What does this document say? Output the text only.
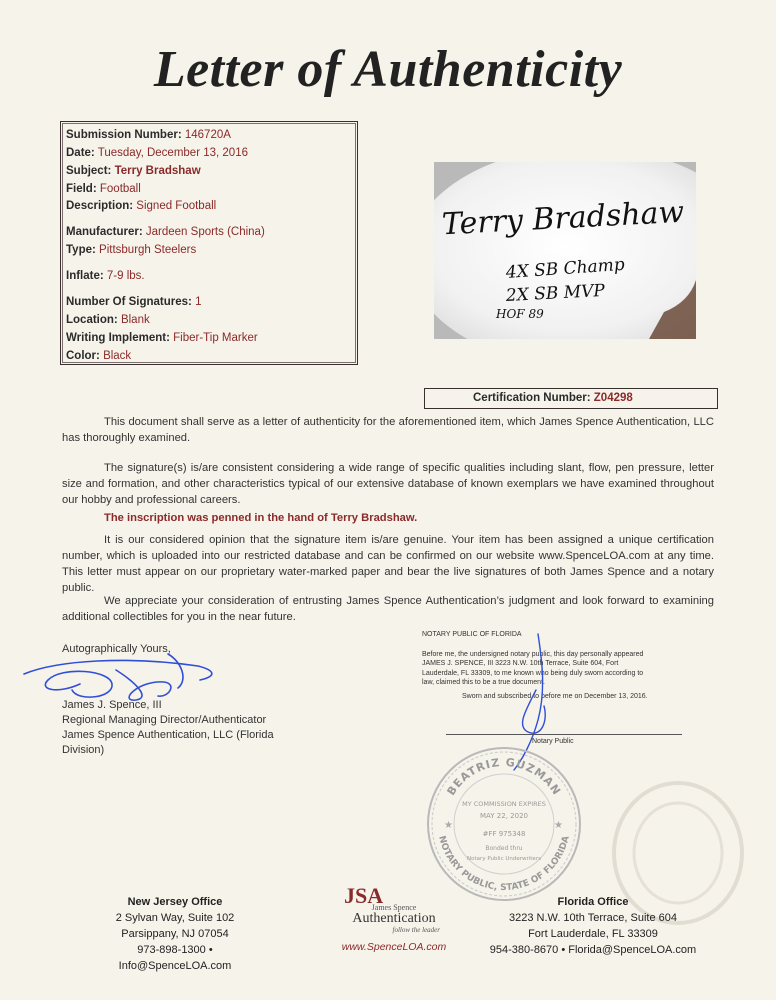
Letter of Authenticity
Submission Number: 146720A
Date: Tuesday, December 13, 2016
Subject: Terry Bradshaw
Field: Football
Description: Signed Football
Manufacturer: Jardeen Sports (China)
Type: Pittsburgh Steelers
Inflate: 7-9 lbs.
Number Of Signatures: 1
Location: Blank
Writing Implement: Fiber-Tip Marker
Color: Black
Terry Bradshaw
4X SB Champ
2X SB MVP
HOF 89
Certification Number: Z04298
This document shall serve as a letter of authenticity for the aforementioned item, which James Spence Authentication, LLC has thoroughly examined.
The signature(s) is/are consistent considering a wide range of specific qualities including slant, flow, pen pressure, letter size and formation, and other characteristics typical of our extensive database of known exemplars we have examined throughout our hobby and professional careers.
The inscription was penned in the hand of Terry Bradshaw.
It is our considered opinion that the signature item is/are genuine. Your item has been assigned a unique certification number, which is uploaded into our restricted database and can be confirmed on our website www.SpenceLOA.com at any time. This letter must appear on our proprietary water-marked paper and bear the live signatures of both James Spence and a notary public.
We appreciate your consideration of entrusting James Spence Authentication’s judgment and look forward to examining additional collectibles for you in the near future.
Autographically Yours,
James J. Spence, III
Regional Managing Director/Authenticator
James Spence Authentication, LLC (Florida
Division)
NOTARY PUBLIC OF FLORIDA
Before me, the undersigned notary public, this day personally appeared JAMES J. SPENCE, III 3223 N.W. 10th Terrace, Suite 604, Fort Lauderdale, FL 33309, to me known who being duly sworn according to law, claimed this to be a true document.
Sworn and subscribed to before me on December 13, 2016.
Notary Public
BEATRIZ GUZMAN
NOTARY PUBLIC, STATE OF FLORIDA
MY COMMISSION EXPIRES
MAY 22, 2020
#FF 975348
Bonded thru
Notary Public Underwriters
★	★
New Jersey Office
2 Sylvan Way, Suite 102
Parsippany, NJ 07054
973-898-1300 • Info@SpenceLOA.com
JSA
James Spence
Authentication
follow the leader
www.SpenceLOA.com
Florida Office
3223 N.W. 10th Terrace, Suite 604
Fort Lauderdale, FL 33309
954-380-8670 • Florida@SpenceLOA.com
